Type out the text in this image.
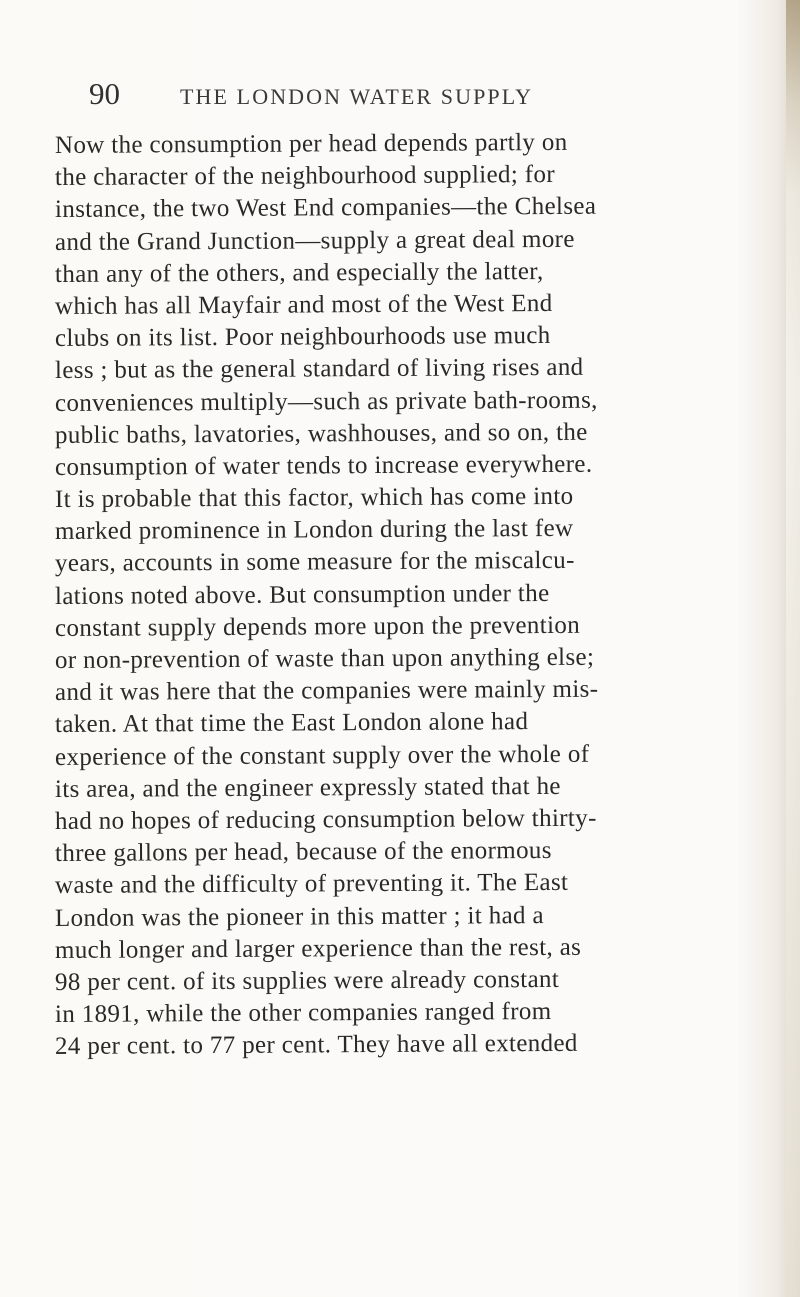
90	THE LONDON WATER SUPPLY
Now the consumption per head depends partly on
the character of the neighbourhood supplied; for
instance, the two West End companies—the Chelsea
and the Grand Junction—supply a great deal more
than any of the others, and especially the latter,
which has all Mayfair and most of the West End
clubs on its list. Poor neighbourhoods use much
less ; but as the general standard of living rises and
conveniences multiply—such as private bath-rooms,
public baths, lavatories, washhouses, and so on, the
consumption of water tends to increase everywhere.
It is probable that this factor, which has come into
marked prominence in London during the last few
years, accounts in some measure for the miscalcu-
lations noted above. But consumption under the
constant supply depends more upon the prevention
or non-prevention of waste than upon anything else;
and it was here that the companies were mainly mis-
taken. At that time the East London alone had
experience of the constant supply over the whole of
its area, and the engineer expressly stated that he
had no hopes of reducing consumption below thirty-
three gallons per head, because of the enormous
waste and the difficulty of preventing it. The East
London was the pioneer in this matter ; it had a
much longer and larger experience than the rest, as
98 per cent. of its supplies were already constant
in 1891, while the other companies ranged from
24 per cent. to 77 per cent. They have all extended
